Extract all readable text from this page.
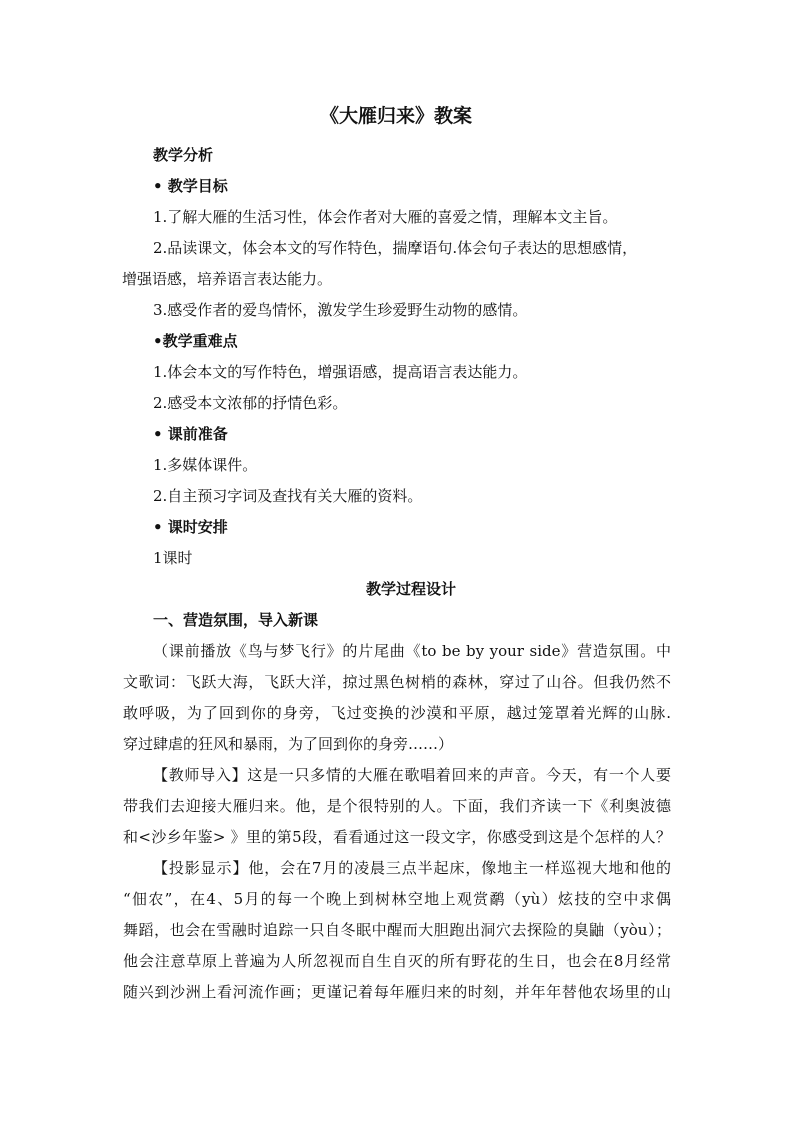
《大雁归来》教案
教学分析
• 教学目标
1.了解大雁的生活习性，体会作者对大雁的喜爱之情，理解本文主旨。
2.品读课文，体会本文的写作特色，揣摩语句.体会句子表达的思想感情，
增强语感，培养语言表达能力。
3.感受作者的爱鸟情怀，激发学生珍爱野生动物的感情。
•教学重难点
1.体会本文的写作特色，增强语感，提高语言表达能力。
2.感受本文浓郁的抒情色彩。
• 课前准备
1.多媒体课件。
2.自主预习字词及查找有关大雁的资料。
• 课时安排
1课时
教学过程设计
一、营造氛围，导入新课
（课前播放《鸟与梦飞行》的片尾曲《to be by your side》营造氛围。中
文歌词：飞跃大海，飞跃大洋，掠过黑色树梢的森林，穿过了山谷。但我仍然不
敢呼吸，为了回到你的身旁，飞过变换的沙漠和平原，越过笼罩着光辉的山脉.
穿过肆虐的狂风和暴雨，为了回到你的身旁……）
【教师导入】这是一只多情的大雁在歌唱着回来的声音。今天，有一个人要
带我们去迎接大雁归来。他，是个很特别的人。下面，我们齐读一下《利奥波德
和<沙乡年鉴> 》里的第5段，看看通过这一段文字，你感受到这是个怎样的人？
【投影显示】他，会在7月的凌晨三点半起床，像地主一样巡视大地和他的
“佃农”，在4、5月的每一个晚上到树林空地上观赏鹬（yù）炫技的空中求偶
舞蹈，也会在雪融时追踪一只自冬眠中醒而大胆跑出洞穴去探险的臭鼬（yòu）；
他会注意草原上普遍为人所忽视而自生自灭的所有野花的生日，也会在8月经常
随兴到沙洲上看河流作画；更谨记着每年雁归来的时刻，并年年替他农场里的山
